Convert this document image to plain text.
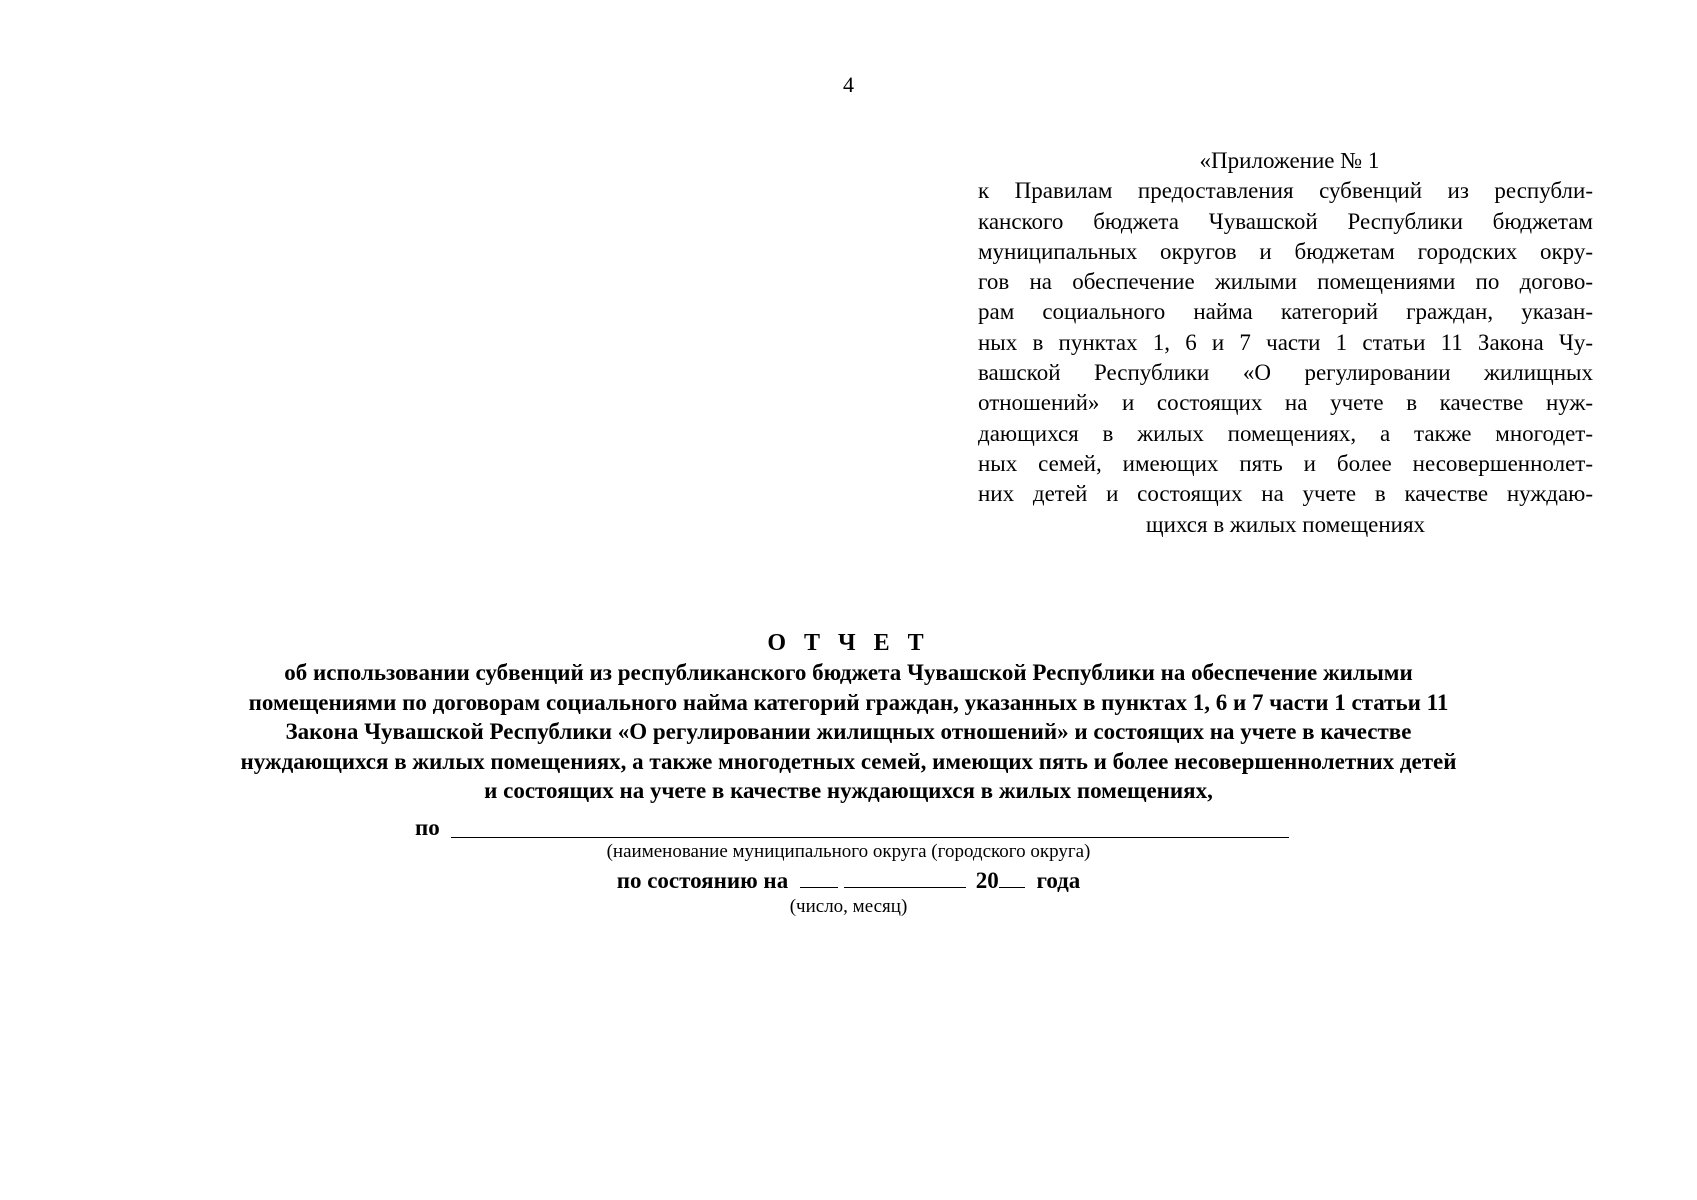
4
«Приложение № 1
к Правилам предоставления субвенций из республи-
канского бюджета Чувашской Республики бюджетам
муниципальных округов и бюджетам городских окру-
гов на обеспечение жилыми помещениями по догово-
рам социального найма категорий граждан, указан-
ных в пунктах 1, 6 и 7 части 1 статьи 11 Закона Чу-
вашской Республики «О регулировании жилищных
отношений» и состоящих на учете в качестве нуж-
дающихся в жилых помещениях, а также многодет-
ных семей, имеющих пять и более несовершеннолет-
них детей и состоящих на учете в качестве нуждаю-
щихся в жилых помещениях
О Т Ч Е Т
об использовании субвенций из республиканского бюджета Чувашской Республики на обеспечение жилыми
помещениями по договорам социального найма категорий граждан, указанных в пунктах 1, 6 и 7 части 1 статьи 11
Закона Чувашской Республики «О регулировании жилищных отношений» и состоящих на учете в качестве
нуждающихся в жилых помещениях, а также многодетных семей, имеющих пять и более несовершеннолетних детей
и состоящих на учете в качестве нуждающихся в жилых помещениях,
по
(наименование муниципального округа (городского округа)
по состоянию на	20 года
(число, месяц)
